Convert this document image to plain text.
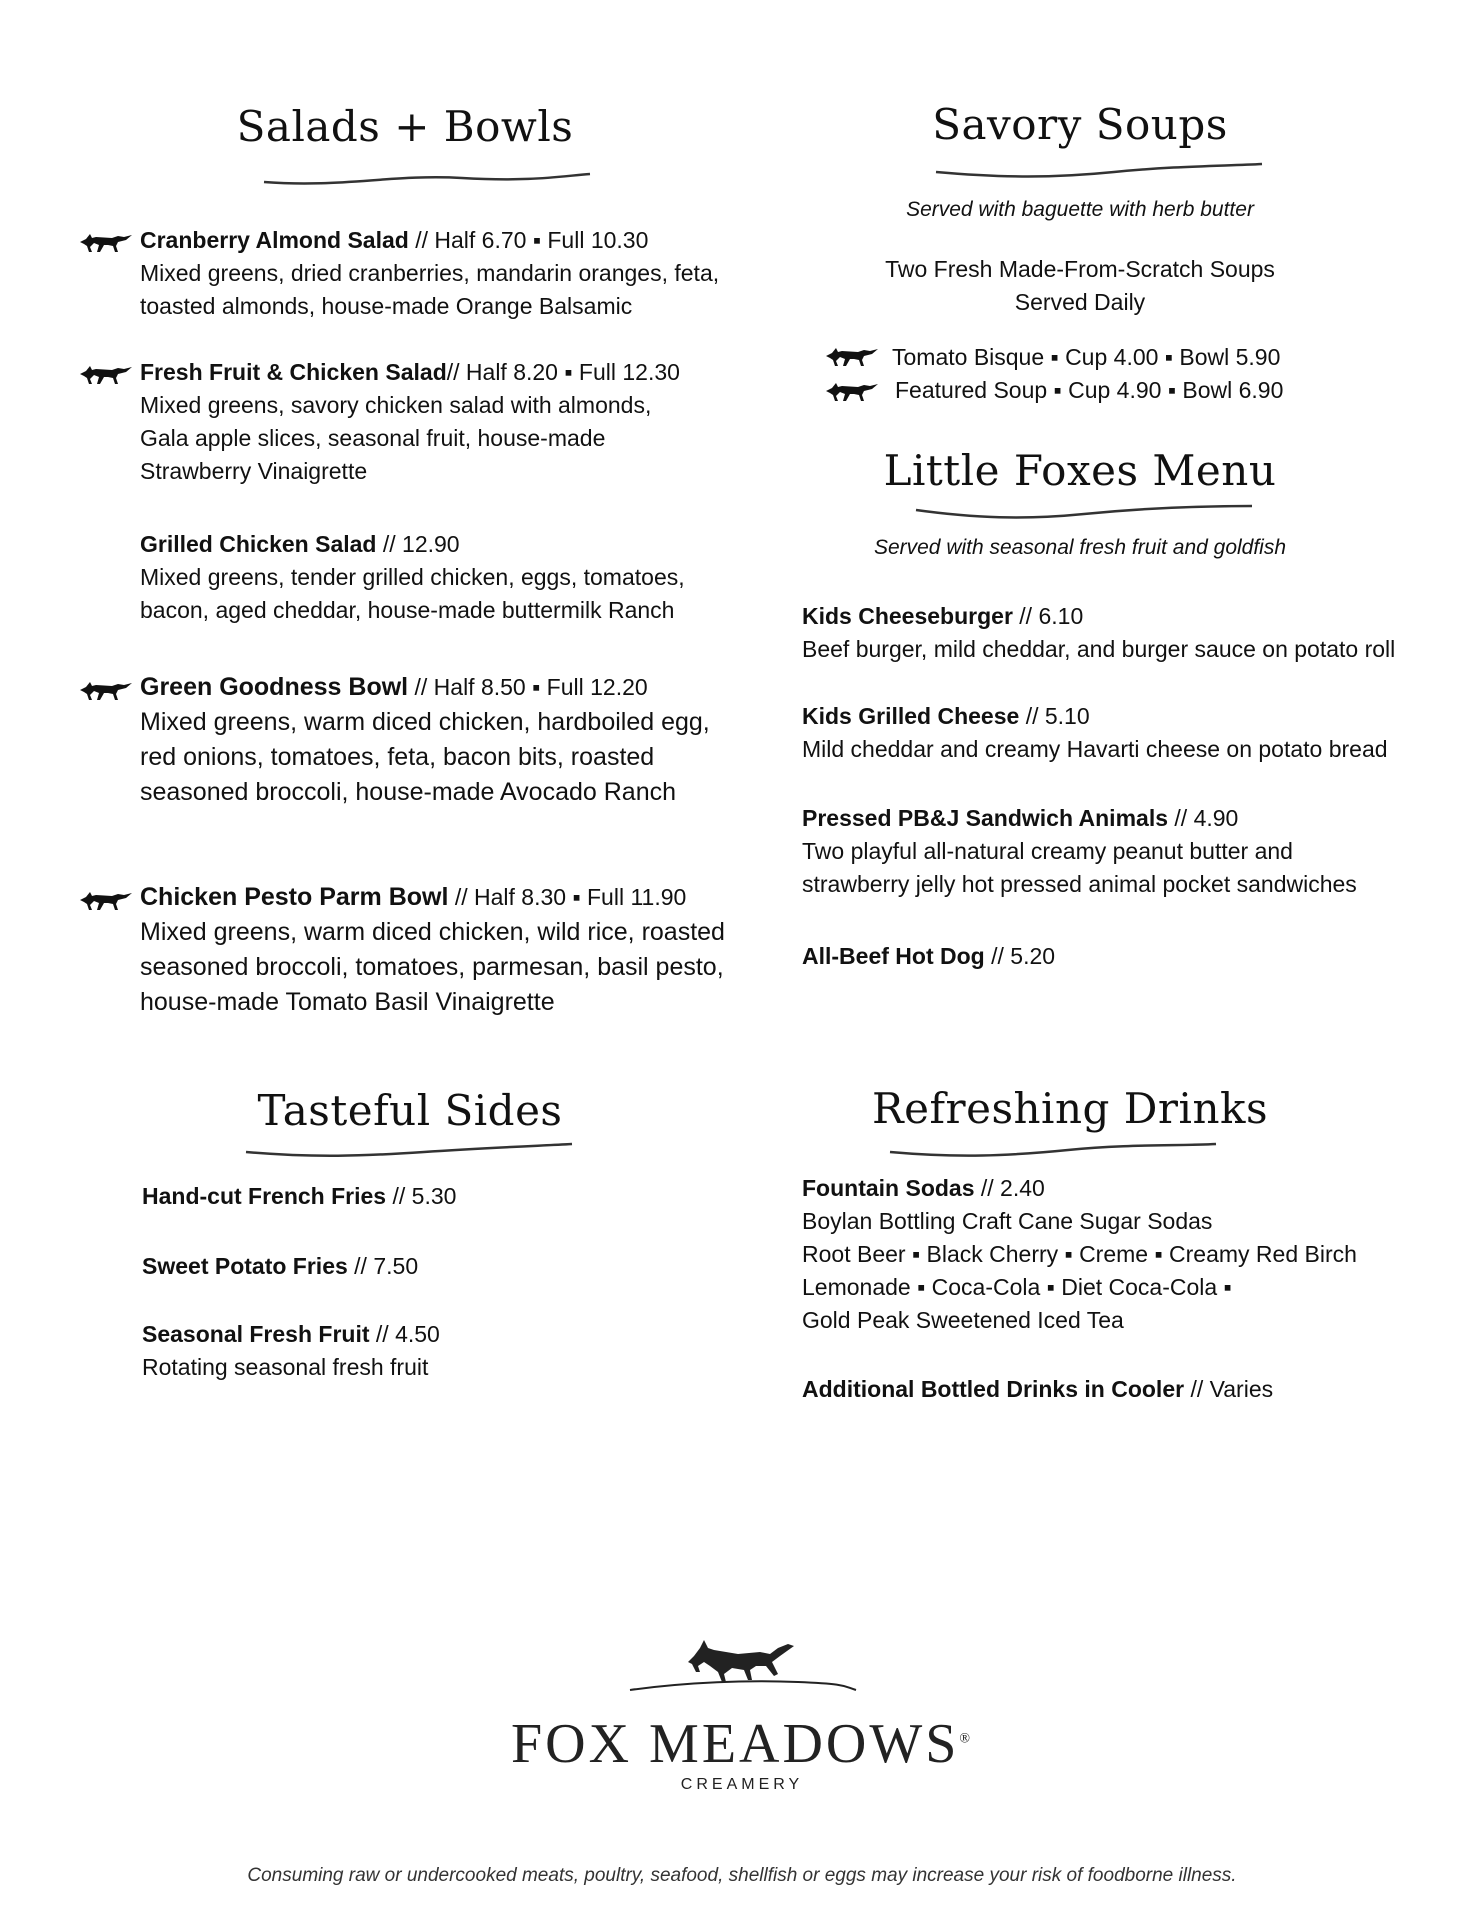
Salads + Bowls
Cranberry Almond Salad // Half 6.70 ▪ Full 10.30
Mixed greens, dried cranberries, mandarin oranges, feta, toasted almonds, house-made Orange Balsamic
Fresh Fruit & Chicken Salad// Half 8.20 ▪ Full 12.30
Mixed greens, savory chicken salad with almonds, Gala apple slices, seasonal fruit, house-made Strawberry Vinaigrette
Grilled Chicken Salad // 12.90
Mixed greens, tender grilled chicken, eggs, tomatoes, bacon, aged cheddar, house-made buttermilk Ranch
Green Goodness Bowl // Half 8.50 ▪ Full 12.20
Mixed greens, warm diced chicken, hardboiled egg, red onions, tomatoes, feta, bacon bits, roasted seasoned broccoli, house-made Avocado Ranch
Chicken Pesto Parm Bowl // Half 8.30 ▪ Full 11.90
Mixed greens, warm diced chicken, wild rice, roasted seasoned broccoli, tomatoes, parmesan, basil pesto, house-made Tomato Basil Vinaigrette
Savory Soups
Served with baguette with herb butter
Two Fresh Made-From-Scratch Soups
Served Daily
Tomato Bisque ▪ Cup 4.00 ▪ Bowl 5.90
Featured Soup ▪ Cup 4.90 ▪ Bowl 6.90
Little Foxes Menu
Served with seasonal fresh fruit and goldfish
Kids Cheeseburger // 6.10
Beef burger, mild cheddar, and burger sauce on potato roll
Kids Grilled Cheese // 5.10
Mild cheddar and creamy Havarti cheese on potato bread
Pressed PB&J Sandwich Animals // 4.90
Two playful all-natural creamy peanut butter and strawberry jelly hot pressed animal pocket sandwiches
All-Beef Hot Dog // 5.20
Tasteful Sides
Hand-cut French Fries // 5.30
Sweet Potato Fries // 7.50
Seasonal Fresh Fruit // 4.50
Rotating seasonal fresh fruit
Refreshing Drinks
Fountain Sodas // 2.40
Boylan Bottling Craft Cane Sugar Sodas
Root Beer ▪ Black Cherry ▪ Creme ▪ Creamy Red Birch
Lemonade ▪ Coca-Cola ▪ Diet Coca-Cola ▪
Gold Peak Sweetened Iced Tea
Additional Bottled Drinks in Cooler // Varies
FOX MEADOWS®
CREAMERY
Consuming raw or undercooked meats, poultry, seafood, shellfish or eggs may increase your risk of foodborne illness.
